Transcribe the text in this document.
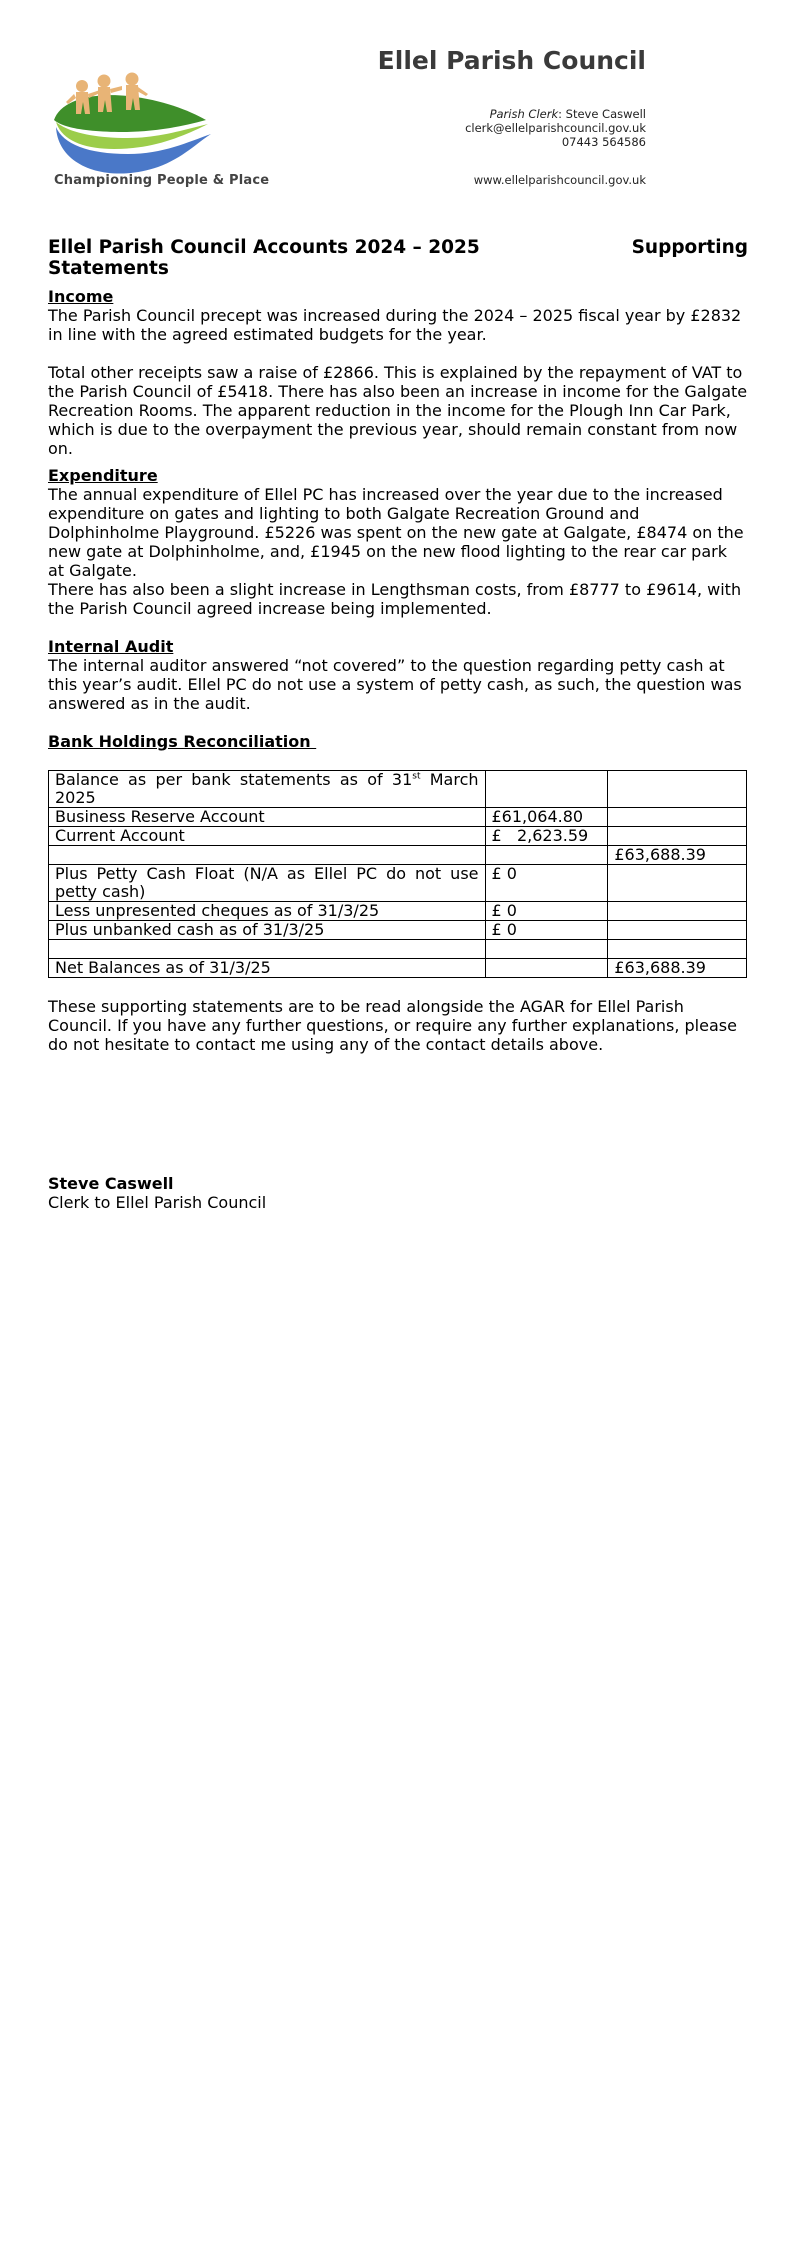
Championing People & Place
Ellel Parish Council
Parish Clerk: Steve Caswell
clerk@ellelparishcouncil.gov.uk
07443 564586
www.ellelparishcouncil.gov.uk
Ellel Parish Council Accounts 2024 – 2025	Supporting
Statements
Income

The Parish Council precept was increased during the 2024 – 2025 fiscal year by £2832 in line with the agreed estimated budgets for the year.

Total other receipts saw a raise of £2866. This is explained by the repayment of VAT to the Parish Council of £5418. There has also been an increase in income for the Galgate Recreation Rooms. The apparent reduction in the income for the Plough Inn Car Park, which is due to the overpayment the previous year, should remain constant from now on.

Expenditure

The annual expenditure of Ellel PC has increased over the year due to the increased expenditure on gates and lighting to both Galgate Recreation Ground and Dolphinholme Playground. £5226 was spent on the new gate at Galgate, £8474 on the new gate at Dolphinholme, and, £1945 on the new flood lighting to the rear car park at Galgate.

There has also been a slight increase in Lengthsman costs, from £8777 to £9614, with the Parish Council agreed increase being implemented.

Internal Audit

The internal auditor answered “not covered” to the question regarding petty cash at this year’s audit. Ellel PC do not use a system of petty cash, as such, the question was answered as in the audit.

Bank Holdings Reconciliation
Balance as per bank statements as of 31st March 2025		
Business Reserve Account	£61,064.80	
Current Account	£   2,623.59	
		£63,688.39
Plus Petty Cash Float (N/A as Ellel PC do not use petty cash)	£ 0	
Less unpresented cheques as of 31/3/25	£ 0	
Plus unbanked cash as of 31/3/25	£ 0	

Net Balances as of 31/3/25		£63,688.39

These supporting statements are to be read alongside the AGAR for Ellel Parish Council. If you have any further questions, or require any further explanations, please do not hesitate to contact me using any of the contact details above.

Steve Caswell
Clerk to Ellel Parish Council
